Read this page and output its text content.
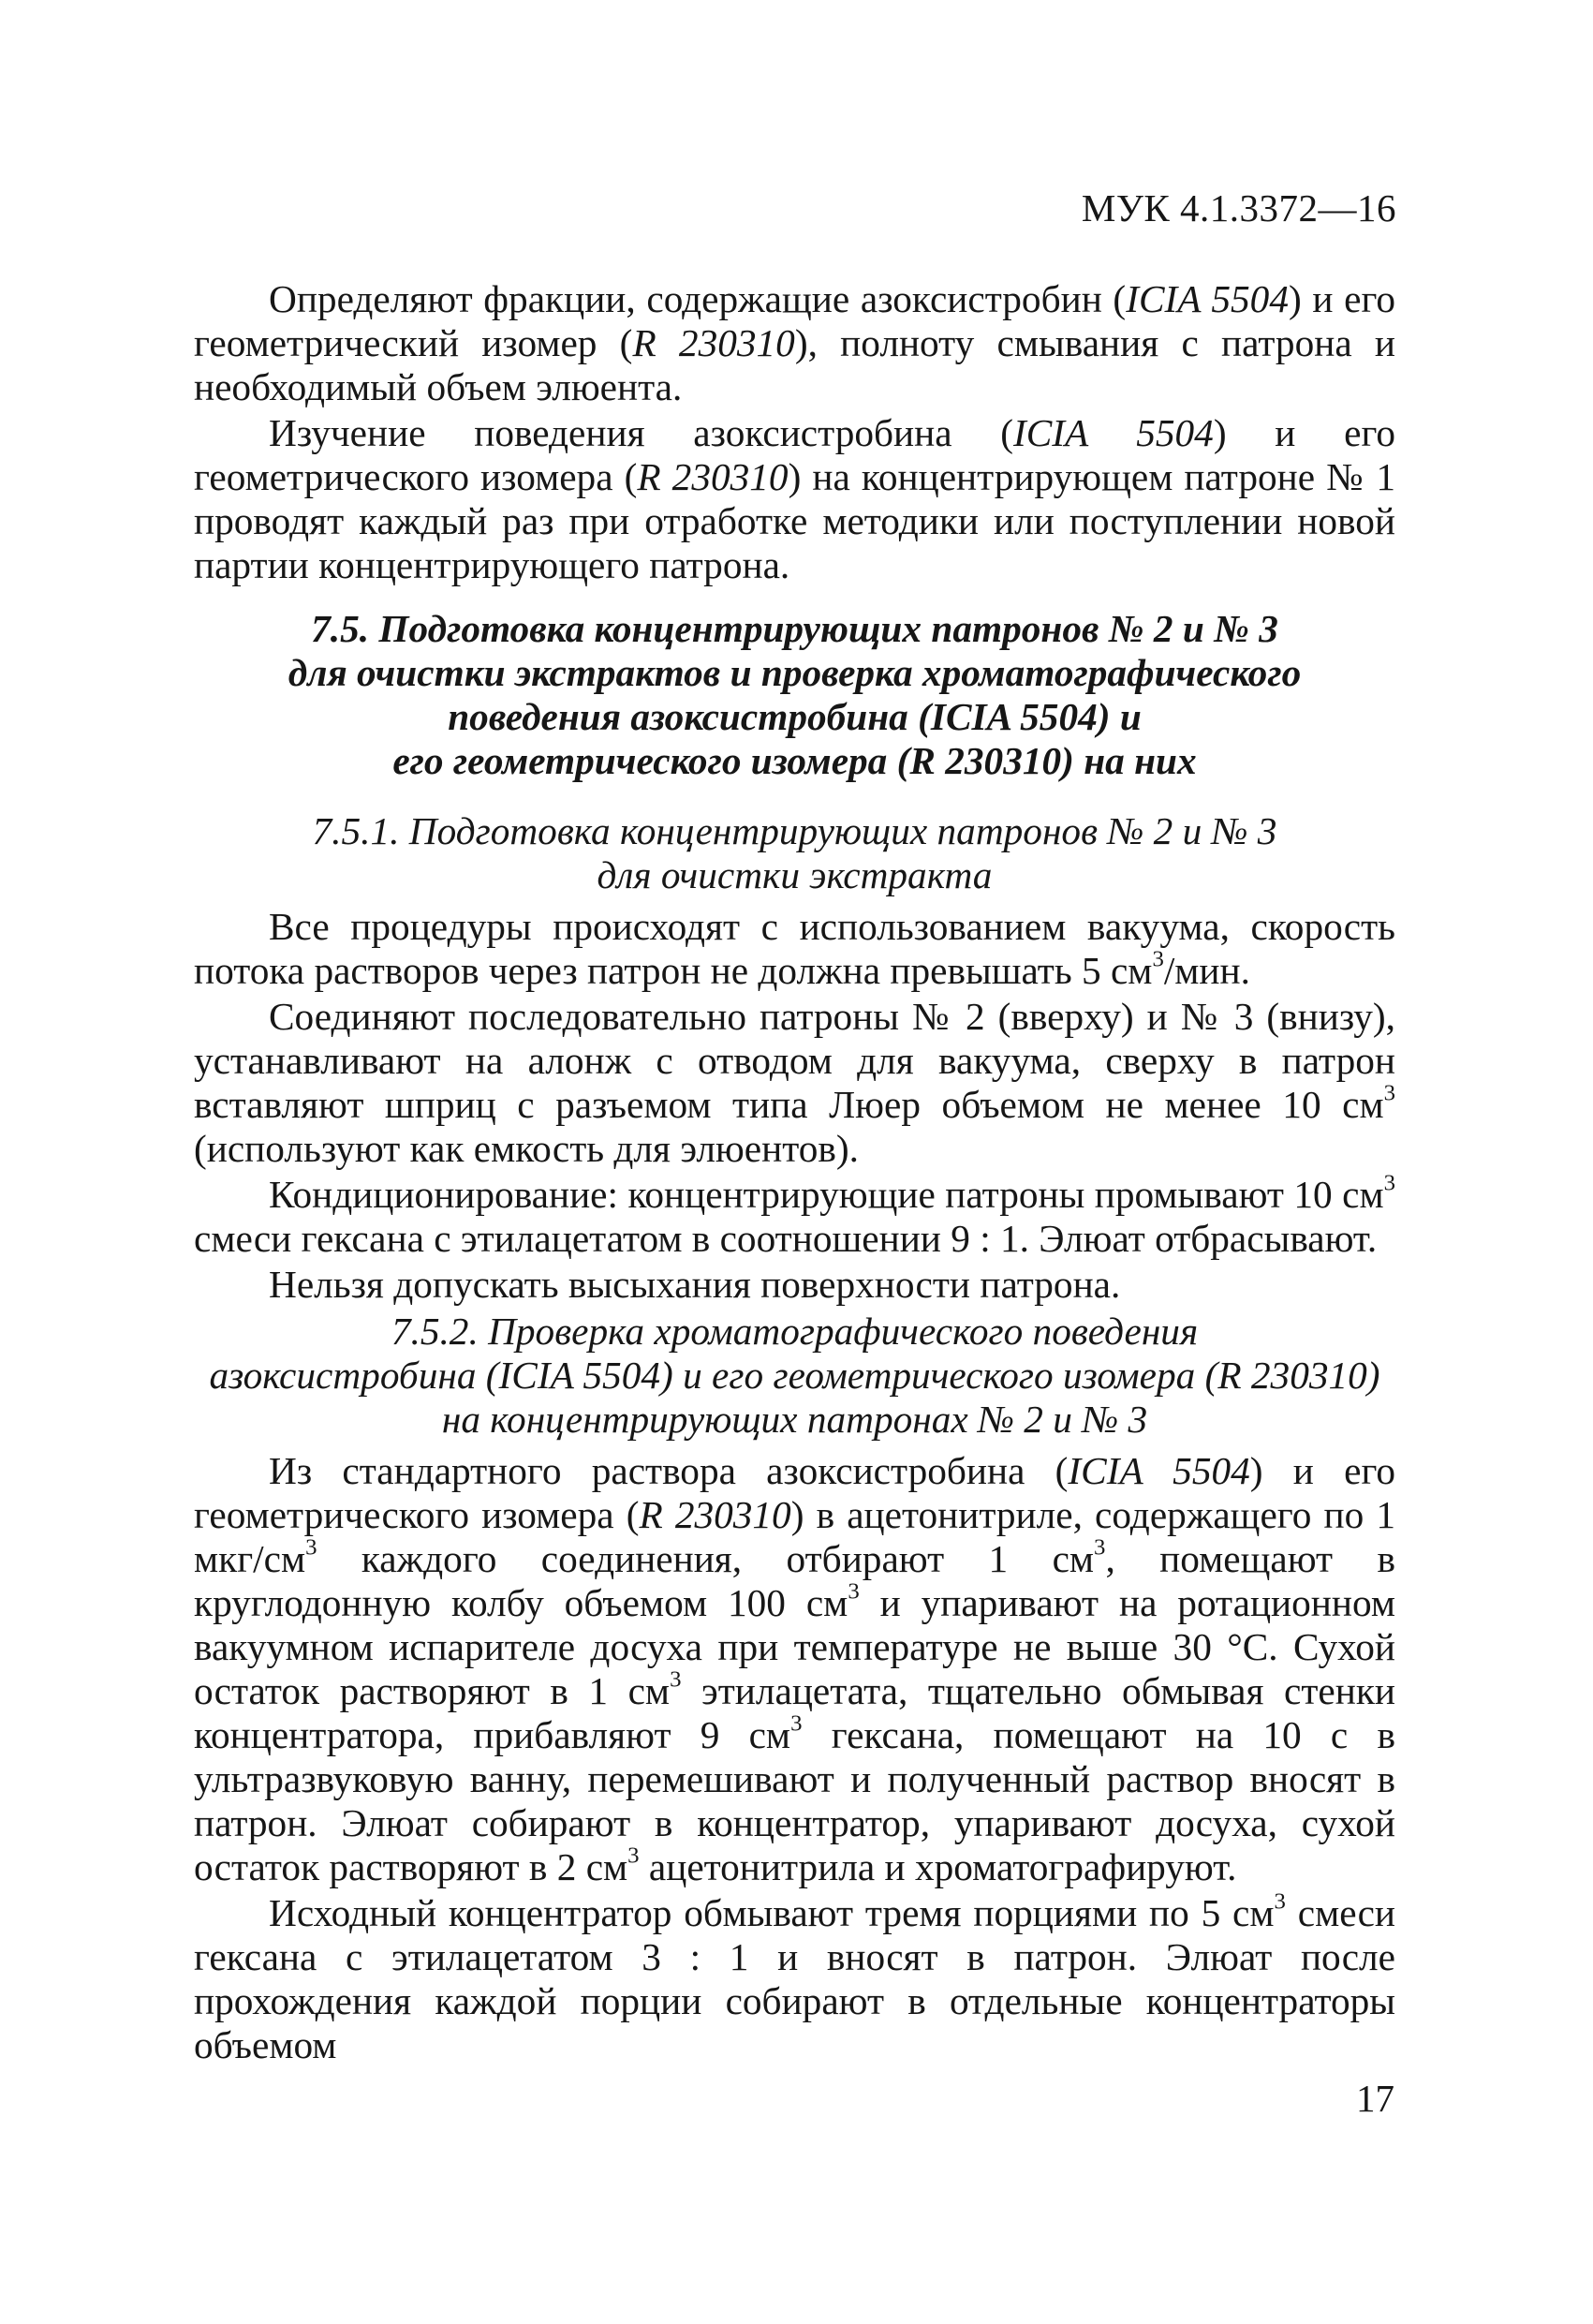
МУК 4.1.3372—16

Определяют фракции, содержащие азоксистробин (ICIA 5504) и его геометрический изомер (R 230310), полноту смывания с патрона и необходимый объем элюента.

Изучение поведения азоксистробина (ICIA 5504) и его геометрического изомера (R 230310) на концентрирующем патроне № 1 проводят каждый раз при отработке методики или поступлении новой партии концентрирующего патрона.

7.5. Подготовка концентрирующих патронов № 2 и № 3

для очистки экстрактов и проверка хроматографического

поведения азоксистробина (ICIA 5504) и

его геометрического изомера (R 230310) на них

7.5.1. Подготовка концентрирующих патронов № 2 и № 3

для очистки экстракта

Все процедуры происходят с использованием вакуума, скорость потока растворов через патрон не должна превышать 5 $см^3$/мин.

Соединяют последовательно патроны № 2 (вверху) и № 3 (внизу), устанавливают на алонж с отводом для вакуума, сверху в патрон вставляют шприц с разъемом типа Люер объемом не менее 10 $см^3$ (используют как емкость для элюентов).

Кондиционирование: концентрирующие патроны промывают 10 $см^3$ смеси гексана с этилацетатом в соотношении 9 : 1. Элюат отбрасывают.

Нельзя допускать высыхания поверхности патрона.

7.5.2. Проверка хроматографического поведения

азоксистробина (ICIA 5504) и его геометрического изомера (R 230310)

на концентрирующих патронах № 2 и № 3

Из стандартного раствора азоксистробина (ICIA 5504) и его геометрического изомера (R 230310) в ацетонитриле, содержащего по 1 мкг/$см^3$ каждого соединения, отбирают 1 $см^3$, помещают в круглодонную колбу объемом 100 $см^3$ и упаривают на ротационном вакуумном испарителе досуха при температуре не выше 30 °С. Сухой остаток растворяют в 1 $см^3$ этилацетата, тщательно обмывая стенки концентратора, прибавляют 9 $см^3$ гексана, помещают на 10 с в ультразвуковую ванну, перемешивают и полученный раствор вносят в патрон. Элюат собирают в концентратор, упаривают досуха, сухой остаток растворяют в 2 $см^3$ ацетонитрила и хроматографируют.

Исходный концентратор обмывают тремя порциями по 5 $см^3$ смеси гексана с этилацетатом 3 : 1 и вносят в патрон. Элюат после прохождения каждой порции собирают в отдельные концентраторы объемом

17
